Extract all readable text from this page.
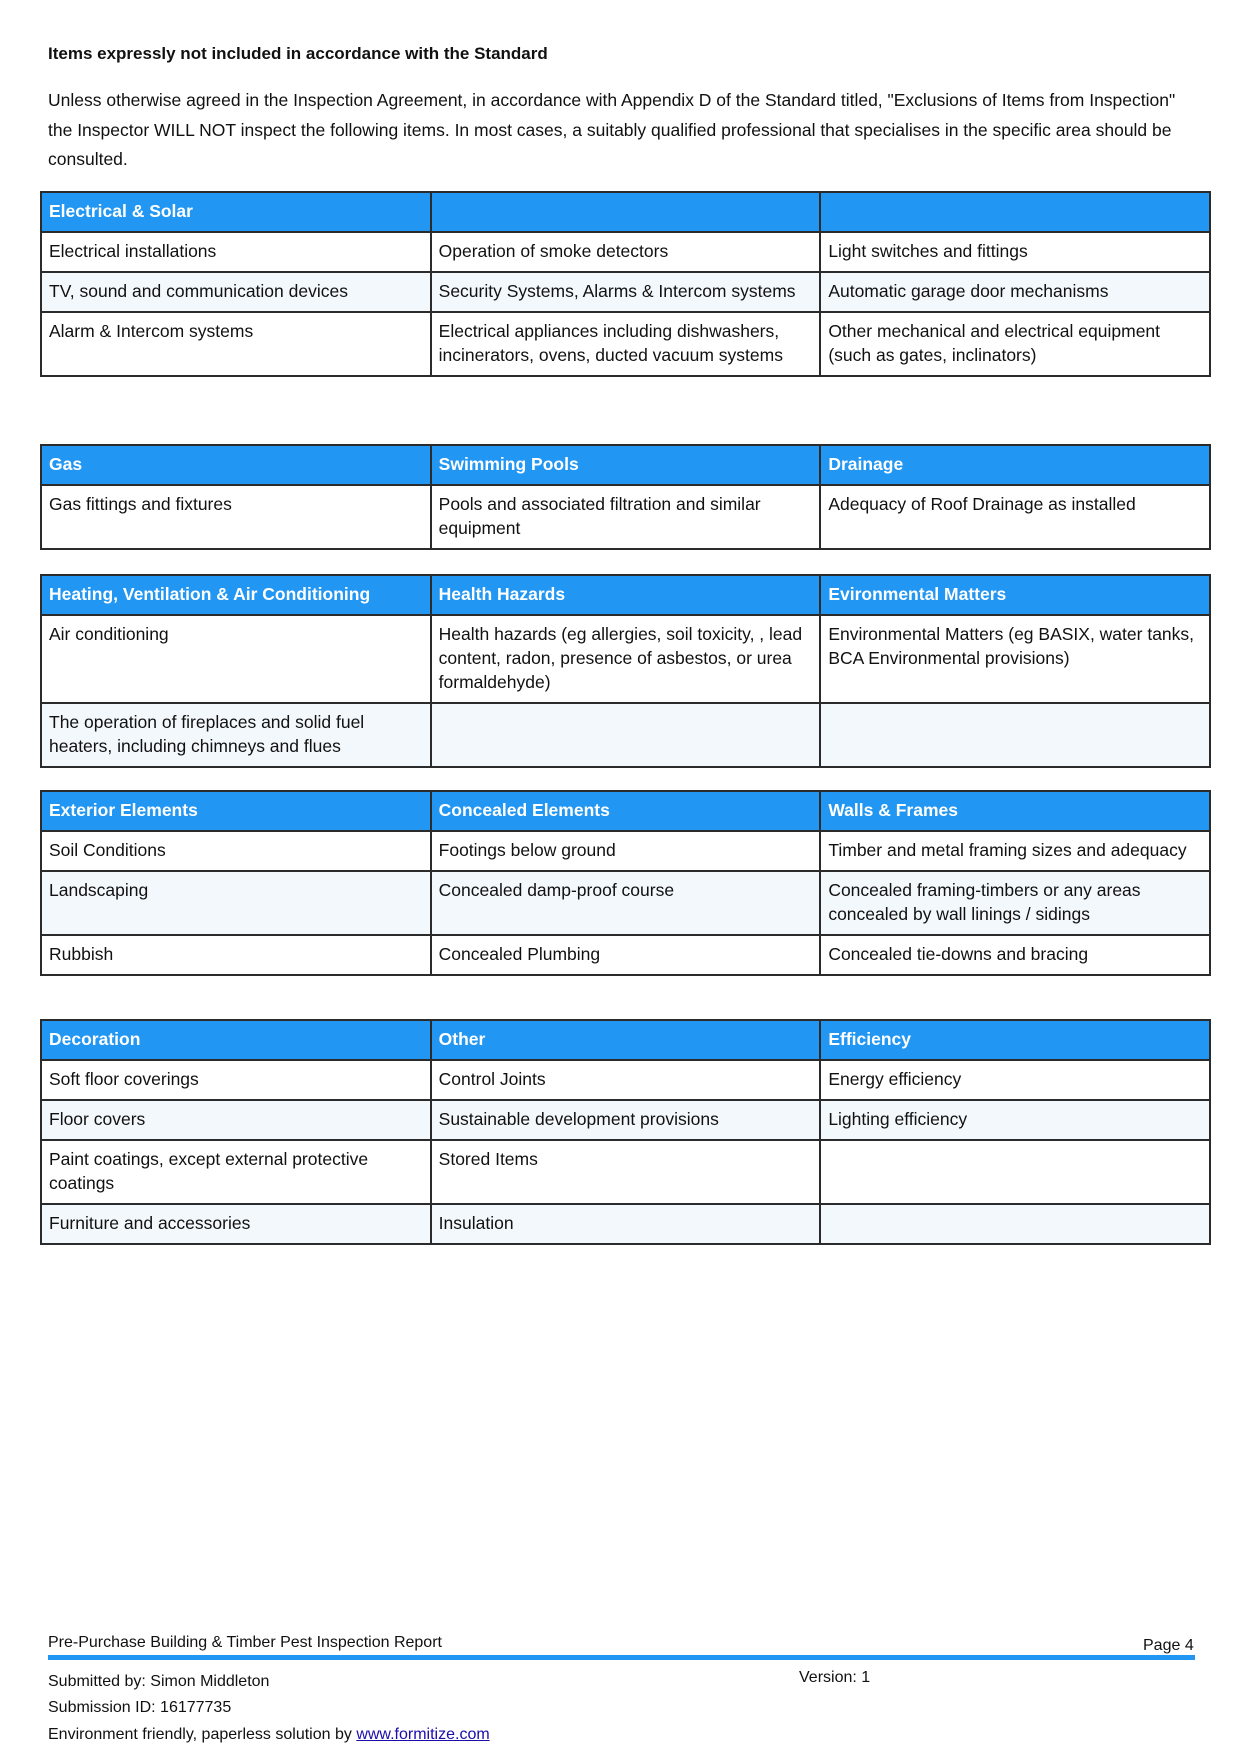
Items expressly not included in accordance with the Standard
Unless otherwise agreed in the Inspection Agreement, in accordance with Appendix D of the Standard titled, "Exclusions of Items from Inspection" the Inspector WILL NOT inspect the following items. In most cases, a suitably qualified professional that specialises in the specific area should be consulted.
Electrical & Solar		
Electrical installations	Operation of smoke detectors	Light switches and fittings
TV, sound and communication devices	Security Systems, Alarms & Intercom systems	Automatic garage door mechanisms
Alarm & Intercom systems	Electrical appliances including dishwashers, incinerators, ovens, ducted vacuum systems	Other mechanical and electrical equipment (such as gates, inclinators)
Gas	Swimming Pools	Drainage
Gas fittings and fixtures	Pools and associated filtration and similar equipment	Adequacy of Roof Drainage as installed
Heating, Ventilation & Air Conditioning	Health Hazards	Evironmental Matters
Air conditioning	Health hazards (eg allergies, soil toxicity, , lead content, radon, presence of asbestos, or urea formaldehyde)	Environmental Matters (eg BASIX, water tanks, BCA Environmental provisions)
The operation of fireplaces and solid fuel heaters, including chimneys and flues		
Exterior Elements	Concealed Elements	Walls & Frames
Soil Conditions	Footings below ground	Timber and metal framing sizes and adequacy
Landscaping	Concealed damp-proof course	Concealed framing-timbers or any areas concealed by wall linings / sidings
Rubbish	Concealed Plumbing	Concealed tie-downs and bracing
Decoration	Other	Efficiency
Soft floor coverings	Control Joints	Energy efficiency
Floor covers	Sustainable development provisions	Lighting efficiency
Paint coatings, except external protective coatings	Stored Items	
Furniture and accessories	Insulation	
Pre-Purchase Building & Timber Pest Inspection Report	Page 4
Submitted by: Simon Middleton	Version: 1
Submission ID: 16177735
Environment friendly, paperless solution by www.formitize.com
